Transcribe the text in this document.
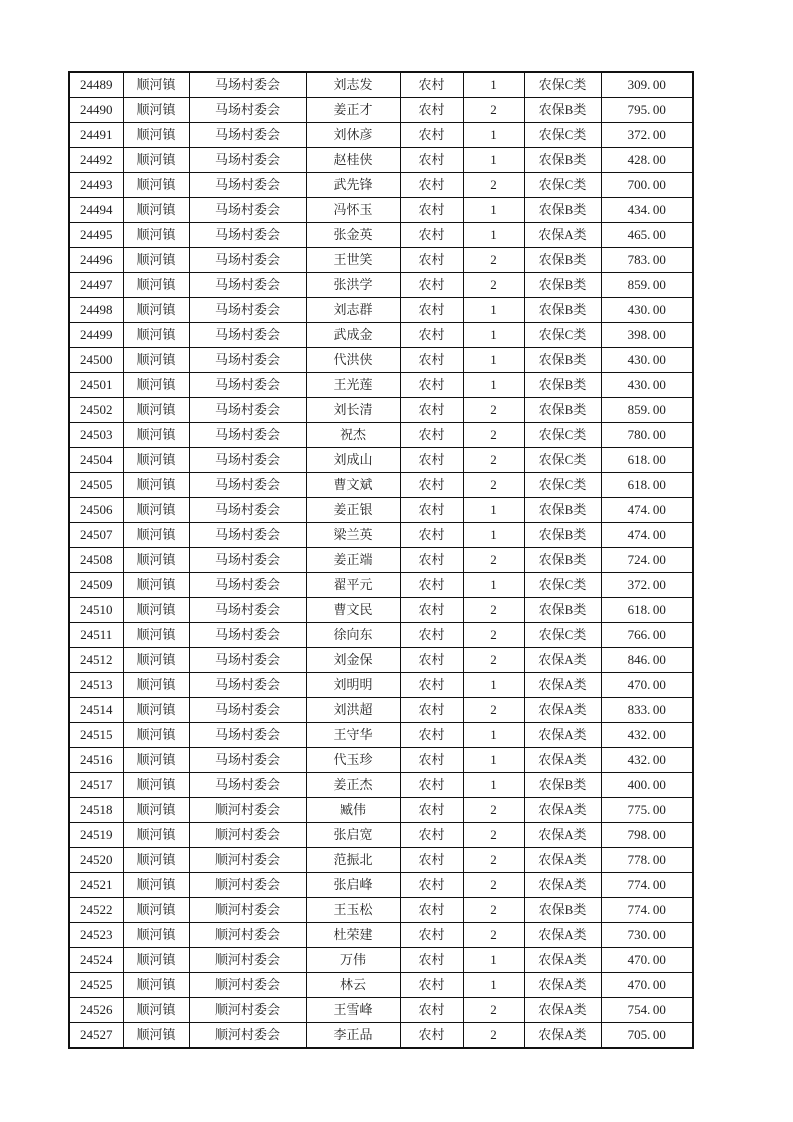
24489	顺河镇	马场村委会	刘志发	农村	1	农保C类	309. 00
24490	顺河镇	马场村委会	姜正才	农村	2	农保B类	795. 00
24491	顺河镇	马场村委会	刘休彦	农村	1	农保C类	372. 00
24492	顺河镇	马场村委会	赵桂侠	农村	1	农保B类	428. 00
24493	顺河镇	马场村委会	武先锋	农村	2	农保C类	700. 00
24494	顺河镇	马场村委会	冯怀玉	农村	1	农保B类	434. 00
24495	顺河镇	马场村委会	张金英	农村	1	农保A类	465. 00
24496	顺河镇	马场村委会	王世笑	农村	2	农保B类	783. 00
24497	顺河镇	马场村委会	张洪学	农村	2	农保B类	859. 00
24498	顺河镇	马场村委会	刘志群	农村	1	农保B类	430. 00
24499	顺河镇	马场村委会	武成金	农村	1	农保C类	398. 00
24500	顺河镇	马场村委会	代洪侠	农村	1	农保B类	430. 00
24501	顺河镇	马场村委会	王光莲	农村	1	农保B类	430. 00
24502	顺河镇	马场村委会	刘长清	农村	2	农保B类	859. 00
24503	顺河镇	马场村委会	祝杰	农村	2	农保C类	780. 00
24504	顺河镇	马场村委会	刘成山	农村	2	农保C类	618. 00
24505	顺河镇	马场村委会	曹文斌	农村	2	农保C类	618. 00
24506	顺河镇	马场村委会	姜正银	农村	1	农保B类	474. 00
24507	顺河镇	马场村委会	梁兰英	农村	1	农保B类	474. 00
24508	顺河镇	马场村委会	姜正端	农村	2	农保B类	724. 00
24509	顺河镇	马场村委会	翟平元	农村	1	农保C类	372. 00
24510	顺河镇	马场村委会	曹文民	农村	2	农保B类	618. 00
24511	顺河镇	马场村委会	徐向东	农村	2	农保C类	766. 00
24512	顺河镇	马场村委会	刘金保	农村	2	农保A类	846. 00
24513	顺河镇	马场村委会	刘明明	农村	1	农保A类	470. 00
24514	顺河镇	马场村委会	刘洪超	农村	2	农保A类	833. 00
24515	顺河镇	马场村委会	王守华	农村	1	农保A类	432. 00
24516	顺河镇	马场村委会	代玉珍	农村	1	农保A类	432. 00
24517	顺河镇	马场村委会	姜正杰	农村	1	农保B类	400. 00
24518	顺河镇	顺河村委会	臧伟	农村	2	农保A类	775. 00
24519	顺河镇	顺河村委会	张启宽	农村	2	农保A类	798. 00
24520	顺河镇	顺河村委会	范振北	农村	2	农保A类	778. 00
24521	顺河镇	顺河村委会	张启峰	农村	2	农保A类	774. 00
24522	顺河镇	顺河村委会	王玉松	农村	2	农保B类	774. 00
24523	顺河镇	顺河村委会	杜荣建	农村	2	农保A类	730. 00
24524	顺河镇	顺河村委会	万伟	农村	1	农保A类	470. 00
24525	顺河镇	顺河村委会	林云	农村	1	农保A类	470. 00
24526	顺河镇	顺河村委会	王雪峰	农村	2	农保A类	754. 00
24527	顺河镇	顺河村委会	李正品	农村	2	农保A类	705. 00
